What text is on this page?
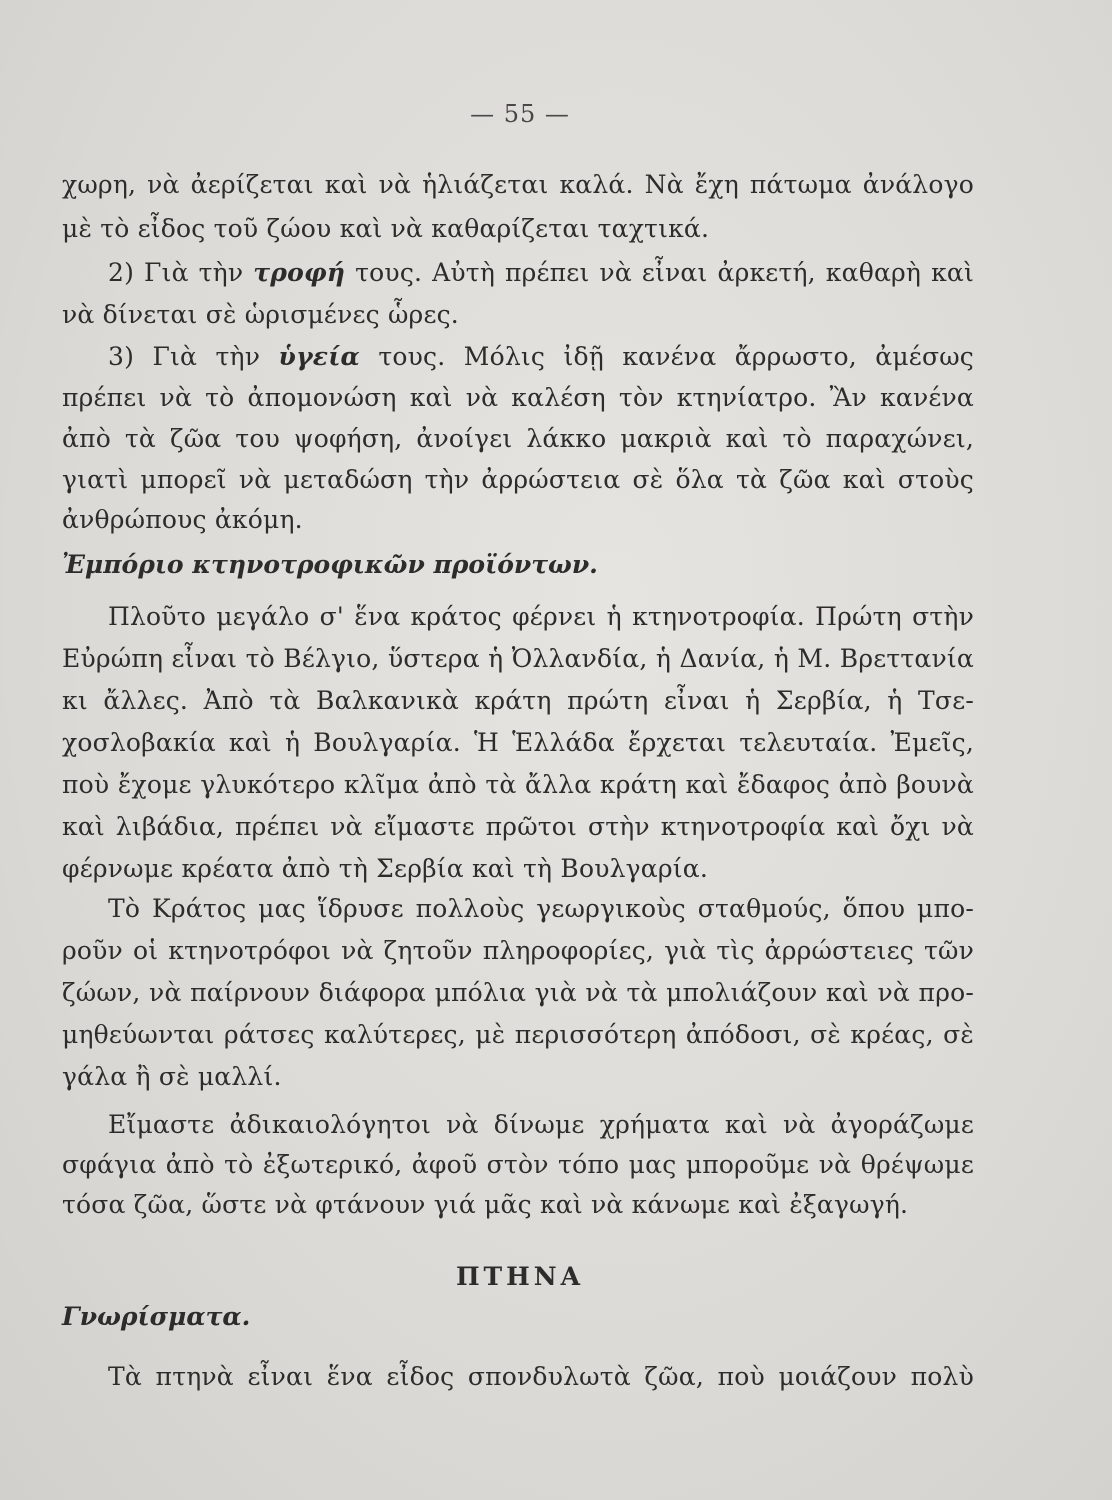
— 55 —
χωρη, νὰ ἀερίζεται καὶ νὰ ἡλιάζεται καλά. Νὰ ἔχη πάτωμα ἀνάλογο
μὲ τὸ εἶδος τοῦ ζώου καὶ νὰ καθαρίζεται ταχτικά.
2) Γιὰ τὴν τροφή τους. Αὐτὴ πρέπει νὰ εἶναι ἀρκετή, καθαρὴ καὶ
νὰ δίνεται σὲ ὡρισμένες ὧρες.
3) Γιὰ τὴν ὑγεία τους. Μόλις ἰδῇ κανένα ἄρρωστο, ἀμέσως
πρέπει νὰ τὸ ἀπομονώση καὶ νὰ καλέση τὸν κτηνίατρο. Ἂν κανένα
ἀπὸ τὰ ζῶα του ψοφήση, ἀνοίγει λάκκο μακριὰ καὶ τὸ παραχώνει,
γιατὶ μπορεῖ νὰ μεταδώση τὴν ἀρρώστεια σὲ ὅλα τὰ ζῶα καὶ στοὺς
ἀνθρώπους ἀκόμη.
Ἐμπόριο κτηνοτροφικῶν προϊόντων.
Πλοῦτο μεγάλο σ' ἕνα κράτος φέρνει ἡ κτηνοτροφία. Πρώτη στὴν
Εὐρώπη εἶναι τὸ Βέλγιο, ὕστερα ἡ Ὀλλανδία, ἡ Δανία, ἡ Μ. Βρεττανία
κι ἄλλες. Ἀπὸ τὰ Βαλκανικὰ κράτη πρώτη εἶναι ἡ Σερβία, ἡ Τσε-
χοσλοβακία καὶ ἡ Βουλγαρία. Ἡ Ἑλλάδα ἔρχεται τελευταία. Ἐμεῖς,
ποὺ ἔχομε γλυκότερο κλῖμα ἀπὸ τὰ ἄλλα κράτη καὶ ἔδαφος ἀπὸ βουνὰ
καὶ λιβάδια, πρέπει νὰ εἴμαστε πρῶτοι στὴν κτηνοτροφία καὶ ὄχι νὰ
φέρνωμε κρέατα ἀπὸ τὴ Σερβία καὶ τὴ Βουλγαρία.
Τὸ Κράτος μας ἵδρυσε πολλοὺς γεωργικοὺς σταθμούς, ὅπου μπο-
ροῦν οἱ κτηνοτρόφοι νὰ ζητοῦν πληροφορίες, γιὰ τὶς ἀρρώστειες τῶν
ζώων, νὰ παίρνουν διάφορα μπόλια γιὰ νὰ τὰ μπολιάζουν καὶ νὰ προ-
μηθεύωνται ράτσες καλύτερες, μὲ περισσότερη ἀπόδοσι, σὲ κρέας, σὲ
γάλα ἢ σὲ μαλλί.
Εἴμαστε ἀδικαιολόγητοι νὰ δίνωμε χρήματα καὶ νὰ ἀγοράζωμε
σφάγια ἀπὸ τὸ ἐξωτερικό, ἀφοῦ στὸν τόπο μας μποροῦμε νὰ θρέψωμε
τόσα ζῶα, ὥστε νὰ φτάνουν γιά μᾶς καὶ νὰ κάνωμε καὶ ἐξαγωγή.
ΠΤΗΝΑ
Γνωρίσματα.
Τὰ πτηνὰ εἶναι ἕνα εἶδος σπονδυλωτὰ ζῶα, ποὺ μοιάζουν πολὺ
